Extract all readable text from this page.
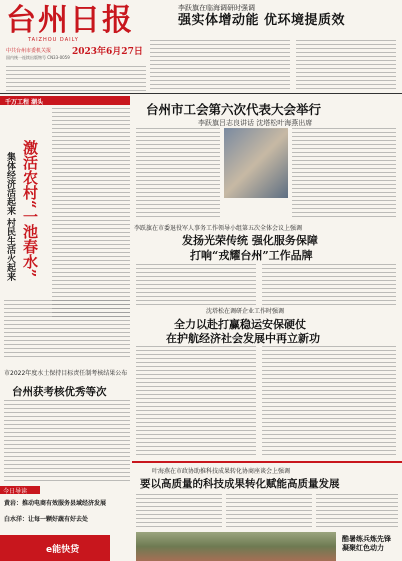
台州日报
TAIZHOU DAILY
中共台州市委机关报 2023年6月27日
国内统一连续出版物号 CN33-0059
李跃旗在临海调研时强调
强实体增动能 优环境提质效
千万工程 潮头
激活农村“一池春水”
集体经济活起来 村民生活火起来
台州市工会第六次代表大会举行
李跃旗吕志良讲话 沈塔松叶海燕出席
李跃旗在市委退役军人事务工作领导小组第五次全体会议上强调
发扬光荣传统 强化服务保障
打响“戎耀台州”工作品牌
沈塔松在调研企业工作时强调
全力以赴打赢稳运安保硬仗
在护航经济社会发展中再立新功
市2022年度水土保持目标责任制考核结果公布
台州获考核优秀等次
叶海燕在市政协助推科技成果转化协商座谈会上强调
要以高质量的科技成果转化赋能高质量发展
酷暑练兵炼先锋
凝聚红色动力
今日导读
黄岩：推动电商有效服务县域经济发展
白水洋：让每一颗好蔬有好去处
e能快贷
